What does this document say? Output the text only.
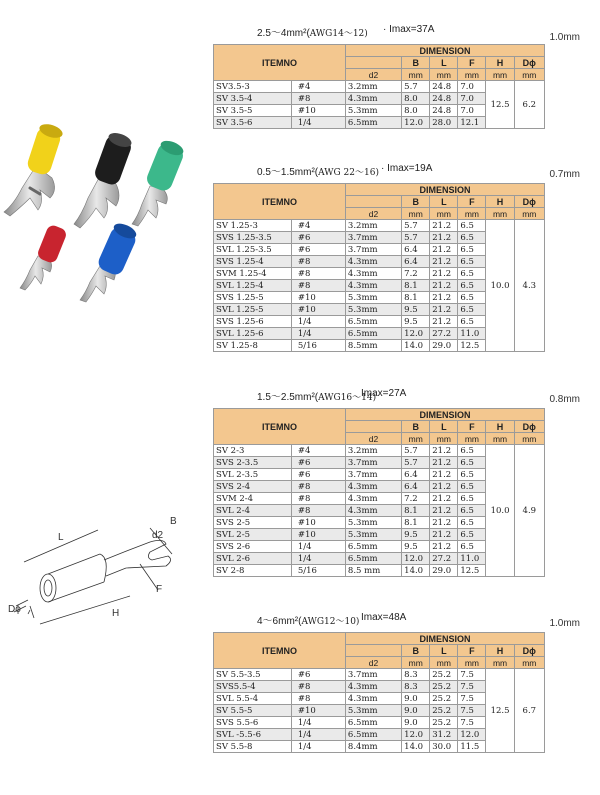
L
B
d2
F
H
Dϕ
2.5～4mm²(AWG14～12) · Imax=37A
1.0mm
ITEMNO		DIMENSION					
			B	L	F	H	Dϕ
		d2	mm	mm	mm	mm	mm
SV3.5-3	#4	3.2mm	5.7	24.8	7.0	12.5	6.2
SV 3.5-4	#8	4.3mm	8.0	24.8	7.0		
SV 3.5-5	#10	5.3mm	8.0	24.8	7.0		
SV 3.5-6	1/4	6.5mm	12.0	28.0	12.1		
0.5～1.5mm²(AWG 22～16) · Imax=19A
0.7mm
ITEMNO		DIMENSION					
			B	L	F	H	Dϕ
		d2	mm	mm	mm	mm	mm
SV 1.25-3	#4	3.2mm	5.7	21.2	6.5	10.0	4.3
SVS 1.25-3.5	#6	3.7mm	5.7	21.2	6.5		
SVL 1.25-3.5	#6	3.7mm	6.4	21.2	6.5		
SVS 1.25-4	#8	4.3mm	6.4	21.2	6.5		
SVM 1.25-4	#8	4.3mm	7.2	21.2	6.5		
SVL 1.25-4	#8	4.3mm	8.1	21.2	6.5		
SVS 1.25-5	#10	5.3mm	8.1	21.2	6.5		
SVL 1.25-5	#10	5.3mm	9.5	21.2	6.5		
SVS 1.25-6	1/4	6.5mm	9.5	21.2	6.5		
SVL 1.25-6	1/4	6.5mm	12.0	27.2	11.0		
SV 1.25-8	5/16	8.5mm	14.0	29.0	12.5		
1.5～2.5mm²(AWG16～14)
Imax=27A
0.8mm
ITEMNO		DIMENSION					
			B	L	F	H	Dϕ
		d2	mm	mm	mm	mm	mm
SV 2-3	#4	3.2mm	5.7	21.2	6.5	10.0	4.9
SVS 2-3.5	#6	3.7mm	5.7	21.2	6.5		
SVL 2-3.5	#6	3.7mm	6.4	21.2	6.5		
SVS 2-4	#8	4.3mm	6.4	21.2	6.5		
SVM 2-4	#8	4.3mm	7.2	21.2	6.5		
SVL 2-4	#8	4.3mm	8.1	21.2	6.5		
SVS 2-5	#10	5.3mm	8.1	21.2	6.5		
SVL 2-5	#10	5.3mm	9.5	21.2	6.5		
SVS 2-6	1/4	6.5mm	9.5	21.2	6.5		
SVL 2-6	1/4	6.5mm	12.0	27.2	11.0		
SV 2-8	5/16	8.5 mm	14.0	29.0	12.5		
4～6mm²(AWG12～10) Imax=48A
1.0mm
ITEMNO		DIMENSION					
			B	L	F	H	Dϕ
		d2	mm	mm	mm	mm	mm
SV 5.5-3.5	#6	3.7mm	8.3	25.2	7.5	12.5	6.7
SVS5.5-4	#8	4.3mm	8.3	25.2	7.5		
SVL 5.5-4	#8	4.3mm	9.0	25.2	7.5		
SV 5.5-5	#10	5.3mm	9.0	25.2	7.5		
SVS 5.5-6	1/4	6.5mm	9.0	25.2	7.5		
SVL -5.5-6	1/4	6.5mm	12.0	31.2	12.0		
SV 5.5-8	1/4	8.4mm	14.0	30.0	11.5		
